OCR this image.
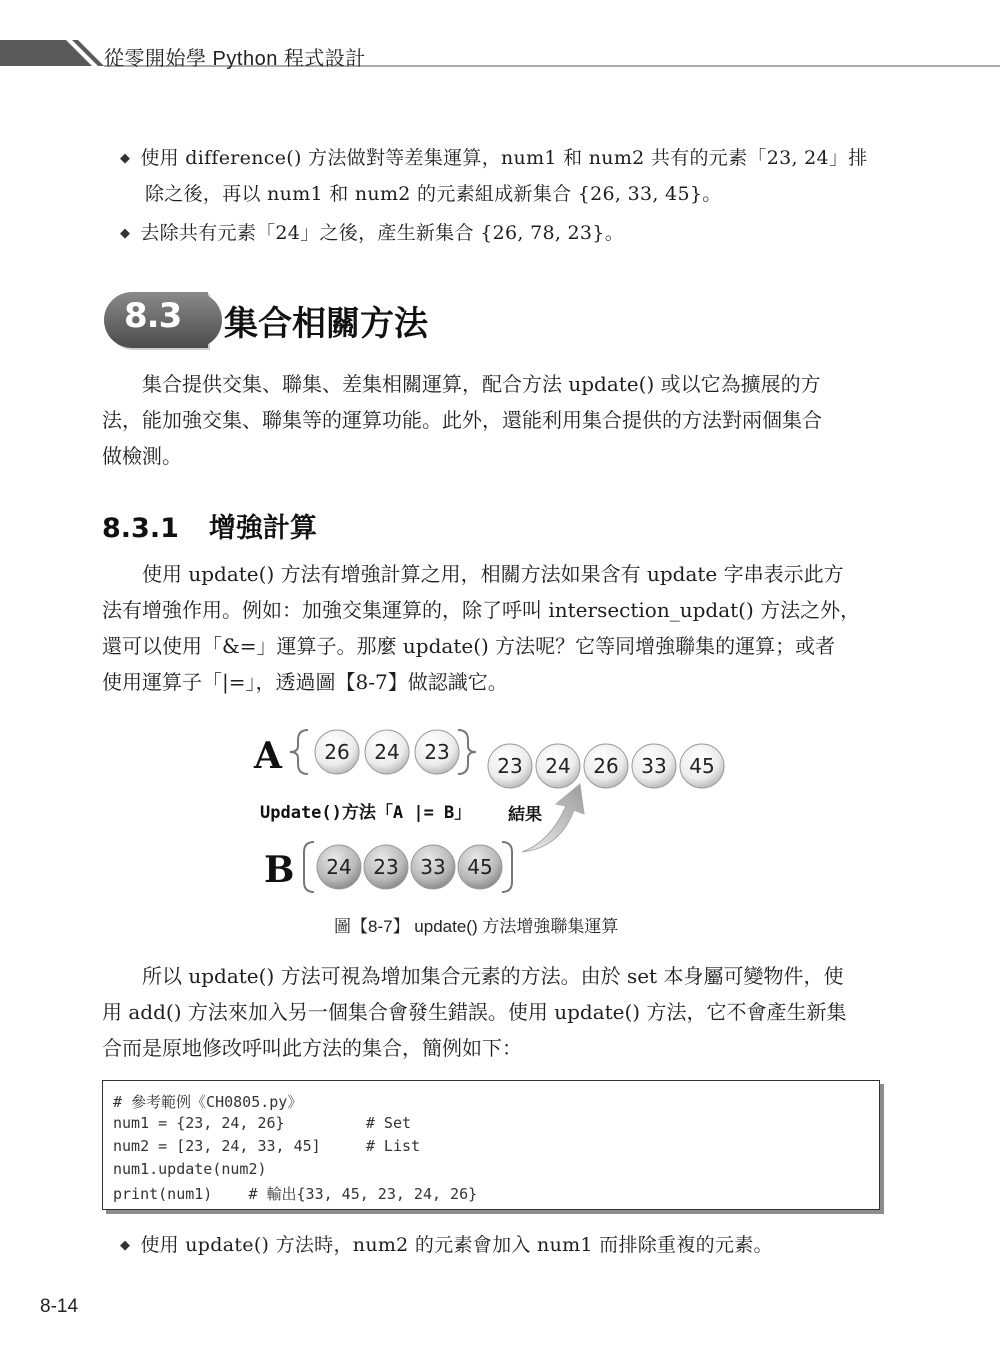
從零開始學 Python 程式設計
◆ 使用 difference() 方法做對等差集運算，num1 和 num2 共有的元素「23, 24」排
除之後，再以 num1 和 num2 的元素組成新集合 {26, 33, 45}。
◆ 去除共有元素「24」之後，產生新集合 {26, 78, 23}。
8.3 集合相關方法
集合提供交集、聯集、差集相關運算，配合方法 update() 或以它為擴展的方
法，能加強交集、聯集等的運算功能。此外，還能利用集合提供的方法對兩個集合
做檢測。
8.3.1 增強計算
使用 update() 方法有增強計算之用，相關方法如果含有 update 字串表示此方
法有增強作用。例如：加強交集運算的，除了呼叫 intersection_updat() 方法之外，
還可以使用「&=」運算子。那麼 update() 方法呢？它等同增強聯集的運算；或者
使用運算子「|=」，透過圖【8-7】做認識它。
A 26 24 23
23 24 26 33 45
Update()方法「A |= B」 結果
B 24 23 33 45
圖【8-7】 update() 方法增強聯集運算
所以 update() 方法可視為增加集合元素的方法。由於 set 本身屬可變物件，使
用 add() 方法來加入另一個集合會發生錯誤。使用 update() 方法，它不會產生新集
合而是原地修改呼叫此方法的集合，簡例如下：
# 參考範例《CH0805.py》
num1 = {23, 24, 26}         # Set
num2 = [23, 24, 33, 45]     # List
num1.update(num2)
print(num1)    # 輸出{33, 45, 23, 24, 26}
◆ 使用 update() 方法時，num2 的元素會加入 num1 而排除重複的元素。
8-14
